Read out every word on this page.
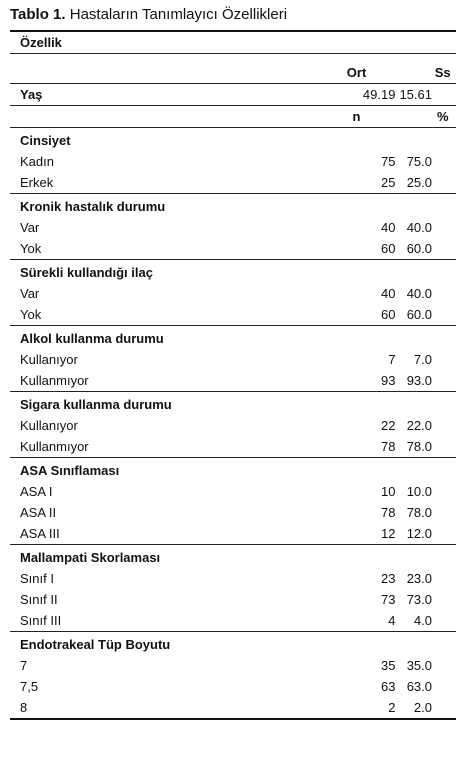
Tablo 1. Hastaların Tanımlayıcı Özellikleri
Özellik		

	Ort	Ss
Yaş	49.19	15.61
	n	%
Cinsiyet		
Kadın	75	75.0
Erkek	25	25.0
Kronik hastalık durumu		
Var	40	40.0
Yok	60	60.0
Sürekli kullandığı ilaç		
Var	40	40.0
Yok	60	60.0
Alkol kullanma durumu		
Kullanıyor	7	7.0
Kullanmıyor	93	93.0
Sigara kullanma durumu		
Kullanıyor	22	22.0
Kullanmıyor	78	78.0
ASA Sınıflaması		
ASA I	10	10.0
ASA II	78	78.0
ASA III	12	12.0
Mallampati Skorlaması		
Sınıf I	23	23.0
Sınıf II	73	73.0
Sınıf III	4	4.0
Endotrakeal Tüp Boyutu		
7	35	35.0
7,5	63	63.0
8	2	2.0
